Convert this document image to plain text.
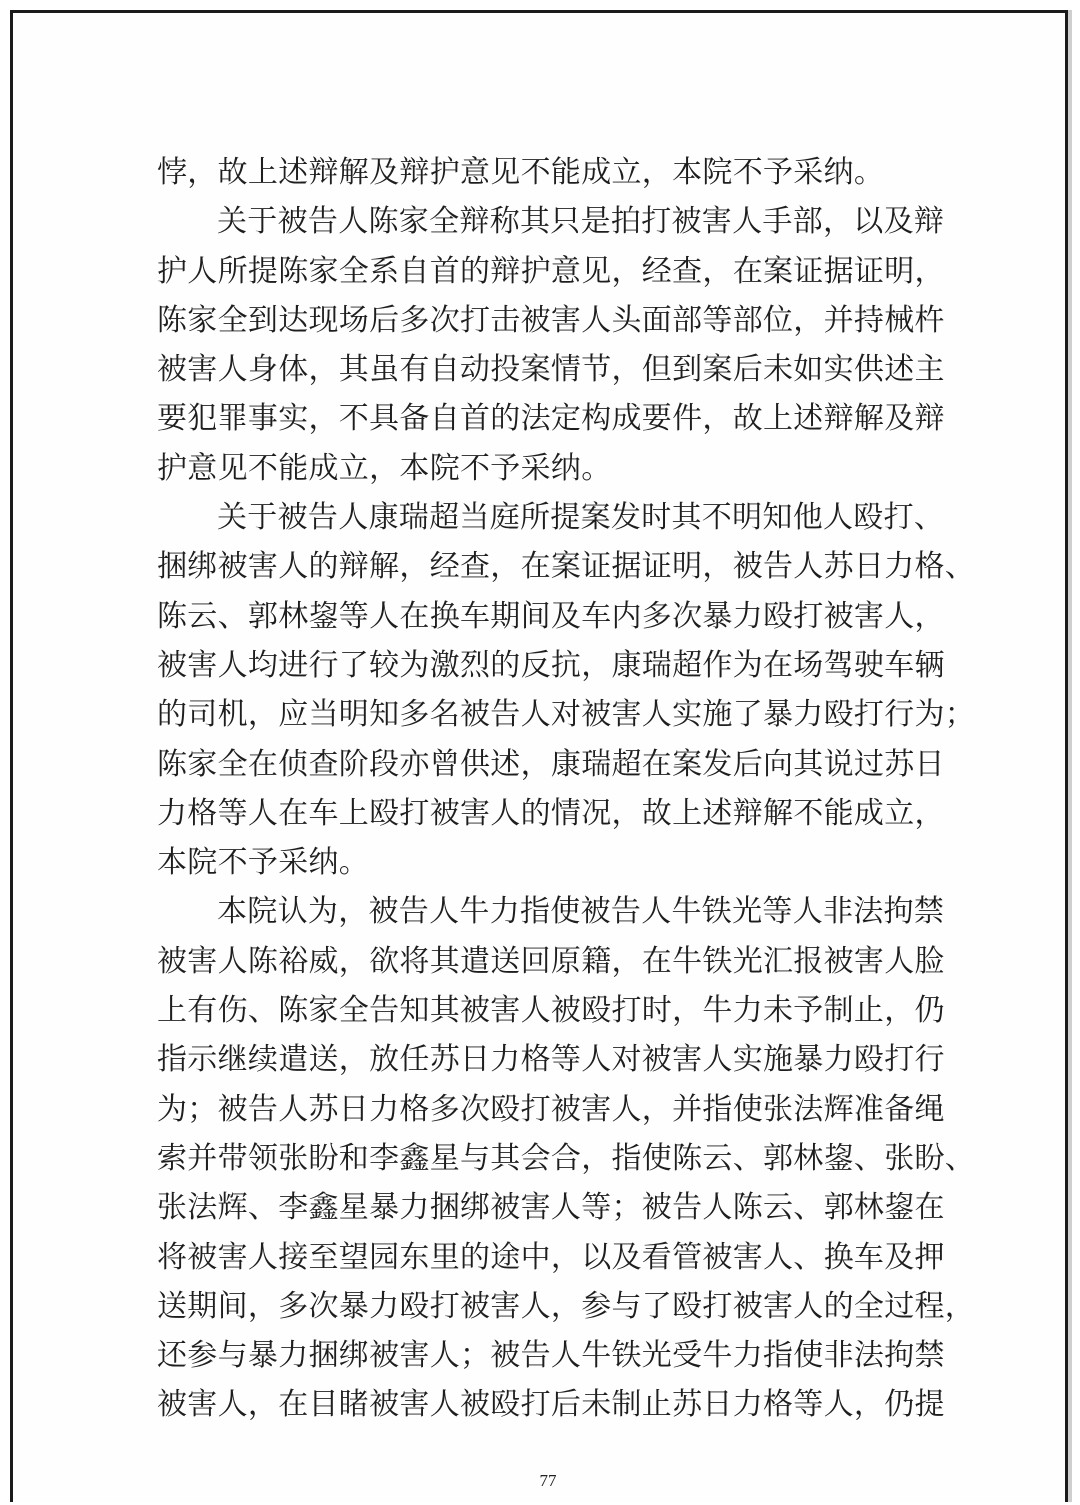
悖，故上述辩解及辩护意见不能成立，本院不予采纳。
关于被告人陈家全辩称其只是拍打被害人手部，以及辩
护人所提陈家全系自首的辩护意见，经查，在案证据证明，
陈家全到达现场后多次打击被害人头面部等部位，并持械杵
被害人身体，其虽有自动投案情节，但到案后未如实供述主
要犯罪事实，不具备自首的法定构成要件，故上述辩解及辩
护意见不能成立，本院不予采纳。
关于被告人康瑞超当庭所提案发时其不明知他人殴打、
捆绑被害人的辩解，经查，在案证据证明，被告人苏日力格、
陈云、郭林鋆等人在换车期间及车内多次暴力殴打被害人，
被害人均进行了较为激烈的反抗，康瑞超作为在场驾驶车辆
的司机，应当明知多名被告人对被害人实施了暴力殴打行为；
陈家全在侦查阶段亦曾供述，康瑞超在案发后向其说过苏日
力格等人在车上殴打被害人的情况，故上述辩解不能成立，
本院不予采纳。
本院认为，被告人牛力指使被告人牛铁光等人非法拘禁
被害人陈裕威，欲将其遣送回原籍，在牛铁光汇报被害人脸
上有伤、陈家全告知其被害人被殴打时，牛力未予制止，仍
指示继续遣送，放任苏日力格等人对被害人实施暴力殴打行
为；被告人苏日力格多次殴打被害人，并指使张法辉准备绳
索并带领张盼和李鑫星与其会合，指使陈云、郭林鋆、张盼、
张法辉、李鑫星暴力捆绑被害人等；被告人陈云、郭林鋆在
将被害人接至望园东里的途中，以及看管被害人、换车及押
送期间，多次暴力殴打被害人，参与了殴打被害人的全过程，
还参与暴力捆绑被害人；被告人牛铁光受牛力指使非法拘禁
被害人，在目睹被害人被殴打后未制止苏日力格等人，仍提
77
